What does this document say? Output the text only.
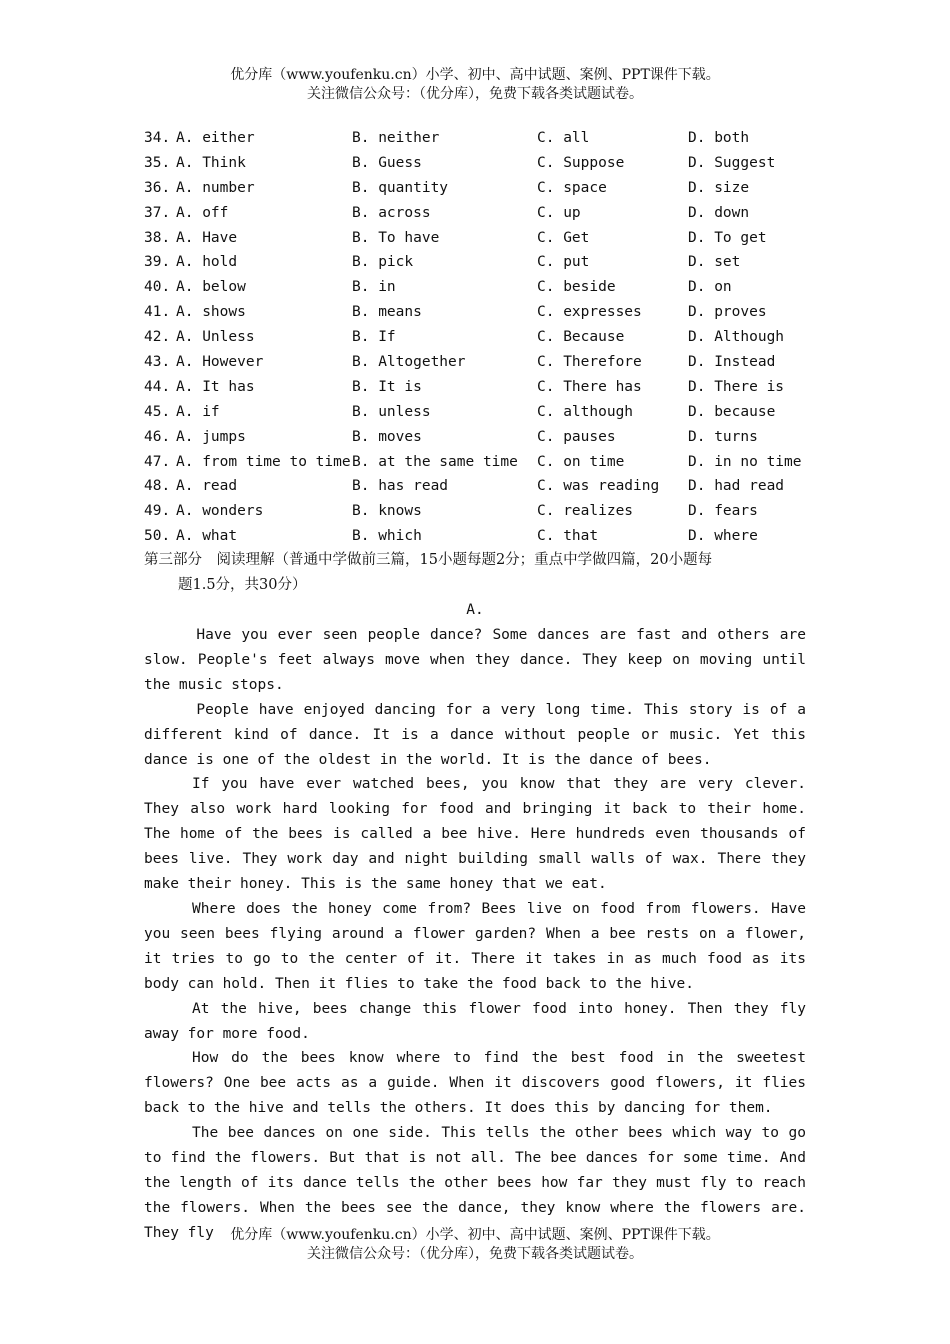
优分库（www.youfenku.cn）小学、初中、高中试题、案例、PPT课件下载。
关注微信公众号：（优分库），免费下载各类试题试卷。
34. A. either	B. neither	C. all	D. both
35. A. Think	B. Guess	C. Suppose	D. Suggest
36. A. number	B. quantity	C. space	D. size
37. A. off	B. across	C. up	D. down
38. A. Have	B. To have	C. Get	D. To get
39. A. hold	B. pick	C. put	D. set
40. A. below	B. in	C. beside	D. on
41. A. shows	B. means	C. expresses	D. proves
42. A. Unless	B. If	C. Because	D. Although
43. A. However	B. Altogether	C. Therefore	D. Instead
44. A. It has	B. It is	C. There has	D. There is
45. A. if	B. unless	C. although	D. because
46. A. jumps	B. moves	C. pauses	D. turns
47. A. from time to time B. at the same time C. on time	D. in no time
48. A. read	B. has read	C. was reading D. had read
49. A. wonders	B. knows	C. realizes	D. fears
50. A. what	B. which	C. that	D. where
第三部分　阅读理解（普通中学做前三篇，15小题每题2分；重点中学做四篇，20小题每
题1.5分，共30分）
A.

Have you ever seen people dance? Some dances are fast and others are slow. People's feet always move when they dance. They keep on moving until the music stops.

People have enjoyed dancing for a very long time. This story is of a different kind of dance. It is a dance without people or music. Yet this dance is one of the oldest in the world. It is the dance of bees.

If you have ever watched bees, you know that they are very clever. They also work hard looking for food and bringing it back to their home. The home of the bees is called a bee hive. Here hundreds even thousands of bees live. They work day and night building small walls of wax. There they make their honey. This is the same honey that we eat.

Where does the honey come from? Bees live on food from flowers. Have you seen bees flying around a flower garden? When a bee rests on a flower, it tries to go to the center of it. There it takes in as much food as its body can hold. Then it flies to take the food back to the hive.

At the hive, bees change this flower food into honey. Then they fly away for more food.

How do the bees know where to find the best food in the sweetest flowers? One bee acts as a guide. When it discovers good flowers, it flies back to the hive and tells the others. It does this by dancing for them.

The bee dances on one side. This tells the other bees which way to go to find the flowers. But that is not all. The bee dances for some time. And the length of its dance tells the other bees how far they must fly to reach the flowers. When the bees see the dance, they know where the flowers are. They fly	优分库（www.youfenku.cn）小学、初中、高中试题、案例、PPT课件下载。
关注微信公众号：（优分库），免费下载各类试题试卷。
